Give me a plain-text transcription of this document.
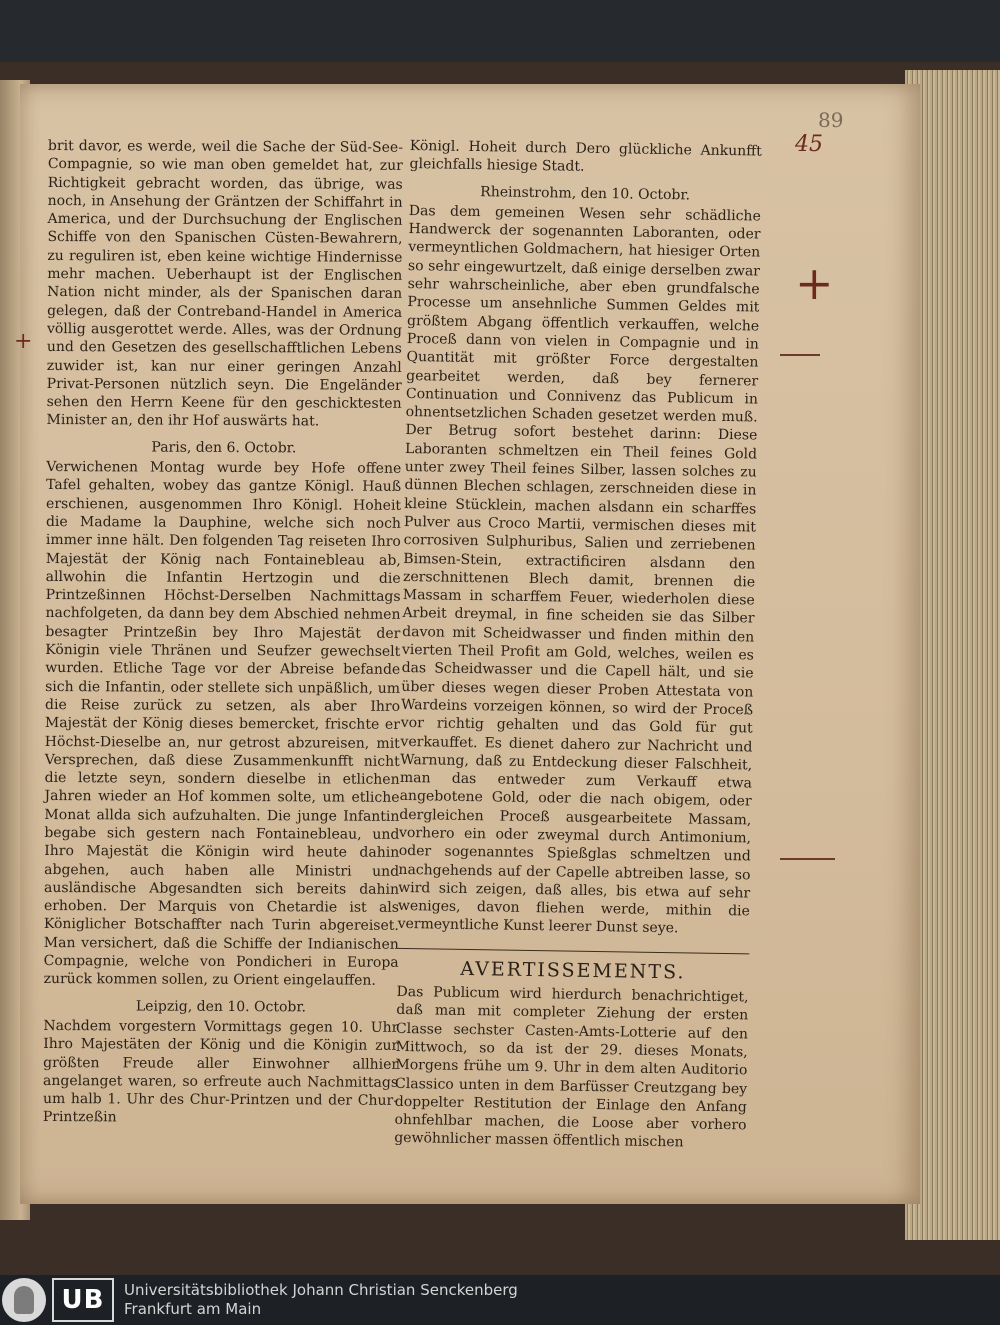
89
45
+
+

brit davor, es werde, weil die Sache der Süd-See-Compagnie, so wie man oben gemeldet hat, zur Richtigkeit gebracht worden, das übrige, was noch, in Ansehung der Gräntzen der Schiffahrt in America, und der Durchsuchung der Englischen Schiffe von den Spanischen Cüsten-Bewahrern, zu reguliren ist, eben keine wichtige Hindernisse mehr machen. Ueberhaupt ist der Englischen Nation nicht minder, als der Spanischen daran gelegen, daß der Contreband-Handel in America völlig ausgerottet werde. Alles, was der Ordnung und den Gesetzen des gesellschafftlichen Lebens zuwider ist, kan nur einer geringen Anzahl Privat-Personen nützlich seyn. Die Engeländer sehen den Herrn Keene für den geschicktesten Minister an, den ihr Hof auswärts hat.

Paris, den 6. Octobr.

Verwichenen Montag wurde bey Hofe offene Tafel gehalten, wobey das gantze Königl. Hauß erschienen, ausgenommen Ihro Königl. Hoheit die Madame la Dauphine, welche sich noch immer inne hält. Den folgenden Tag reiseten Ihro Majestät der König nach Fontainebleau ab, allwohin die Infantin Hertzogin und die Printzeßinnen Höchst-Derselben Nachmittags nachfolgeten, da dann bey dem Abschied nehmen besagter Printzeßin bey Ihro Majestät der Königin viele Thränen und Seufzer gewechselt wurden. Etliche Tage vor der Abreise befande sich die Infantin, oder stellete sich unpäßlich, um die Reise zurück zu setzen, als aber Ihro Majestät der König dieses bemercket, frischte er Höchst-Dieselbe an, nur getrost abzureisen, mit Versprechen, daß diese Zusammenkunfft nicht die letzte seyn, sondern dieselbe in etlichen Jahren wieder an Hof kommen solte, um etliche Monat allda sich aufzuhalten. Die junge Infantin begabe sich gestern nach Fontainebleau, und Ihro Majestät die Königin wird heute dahin abgehen, auch haben alle Ministri und ausländische Abgesandten sich bereits dahin erhoben. Der Marquis von Chetardie ist als Königlicher Botschaffter nach Turin abgereiset. Man versichert, daß die Schiffe der Indianischen Compagnie, welche von Pondicheri in Europa zurück kommen sollen, zu Orient eingelauffen.

Leipzig, den 10. Octobr.

Nachdem vorgestern Vormittags gegen 10. Uhr Ihro Majestäten der König und die Königin zur größten Freude aller Einwohner allhier angelanget waren, so erfreute auch Nachmittags um halb 1. Uhr des Chur-Printzen und der Chur-Printzeßin

Königl. Hoheit durch Dero glückliche Ankunfft gleichfalls hiesige Stadt.

Rheinstrohm, den 10. Octobr.

Das dem gemeinen Wesen sehr schädliche Handwerck der sogenannten Laboranten, oder vermeyntlichen Goldmachern, hat hiesiger Orten so sehr eingewurtzelt, daß einige derselben zwar sehr wahrscheinliche, aber eben grundfalsche Processe um ansehnliche Summen Geldes mit größtem Abgang öffentlich verkauffen, welche Proceß dann von vielen in Compagnie und in Quantität mit größter Force dergestalten gearbeitet werden, daß bey fernerer Continuation und Connivenz das Publicum in ohnentsetzlichen Schaden gesetzet werden muß. Der Betrug sofort bestehet darinn: Diese Laboranten schmeltzen ein Theil feines Gold unter zwey Theil feines Silber, lassen solches zu dünnen Blechen schlagen, zerschneiden diese in kleine Stücklein, machen alsdann ein scharffes Pulver aus Croco Martii, vermischen dieses mit corrosiven Sulphuribus, Salien und zerriebenen Bimsen-Stein, extractificiren alsdann den zerschnittenen Blech damit, brennen die Massam in scharffem Feuer, wiederholen diese Arbeit dreymal, in fine scheiden sie das Silber davon mit Scheidwasser und finden mithin den vierten Theil Profit am Gold, welches, weilen es das Scheidwasser und die Capell hält, und sie über dieses wegen dieser Proben Attestata von Wardeins vorzeigen können, so wird der Proceß vor richtig gehalten und das Gold für gut verkauffet. Es dienet dahero zur Nachricht und Warnung, daß zu Entdeckung dieser Falschheit, man das entweder zum Verkauff etwa angebotene Gold, oder die nach obigem, oder dergleichen Proceß ausgearbeitete Massam, vorhero ein oder zweymal durch Antimonium, oder sogenanntes Spießglas schmeltzen und nachgehends auf der Capelle abtreiben lasse, so wird sich zeigen, daß alles, bis etwa auf sehr weniges, davon fliehen werde, mithin die vermeyntliche Kunst leerer Dunst seye.

AVERTISSEMENTS.

Das Publicum wird hierdurch benachrichtiget, daß man mit completer Ziehung der ersten Classe sechster Casten-Amts-Lotterie auf den Mittwoch, so da ist der 29. dieses Monats, Morgens frühe um 9. Uhr in dem alten Auditorio Classico unten in dem Barfüsser Creutzgang bey doppelter Restitution der Einlage den Anfang ohnfehlbar machen, die Loose aber vorhero gewöhnlicher massen öffentlich mischen

UB Universitätsbibliothek Johann Christian Senckenberg
Frankfurt am Main
